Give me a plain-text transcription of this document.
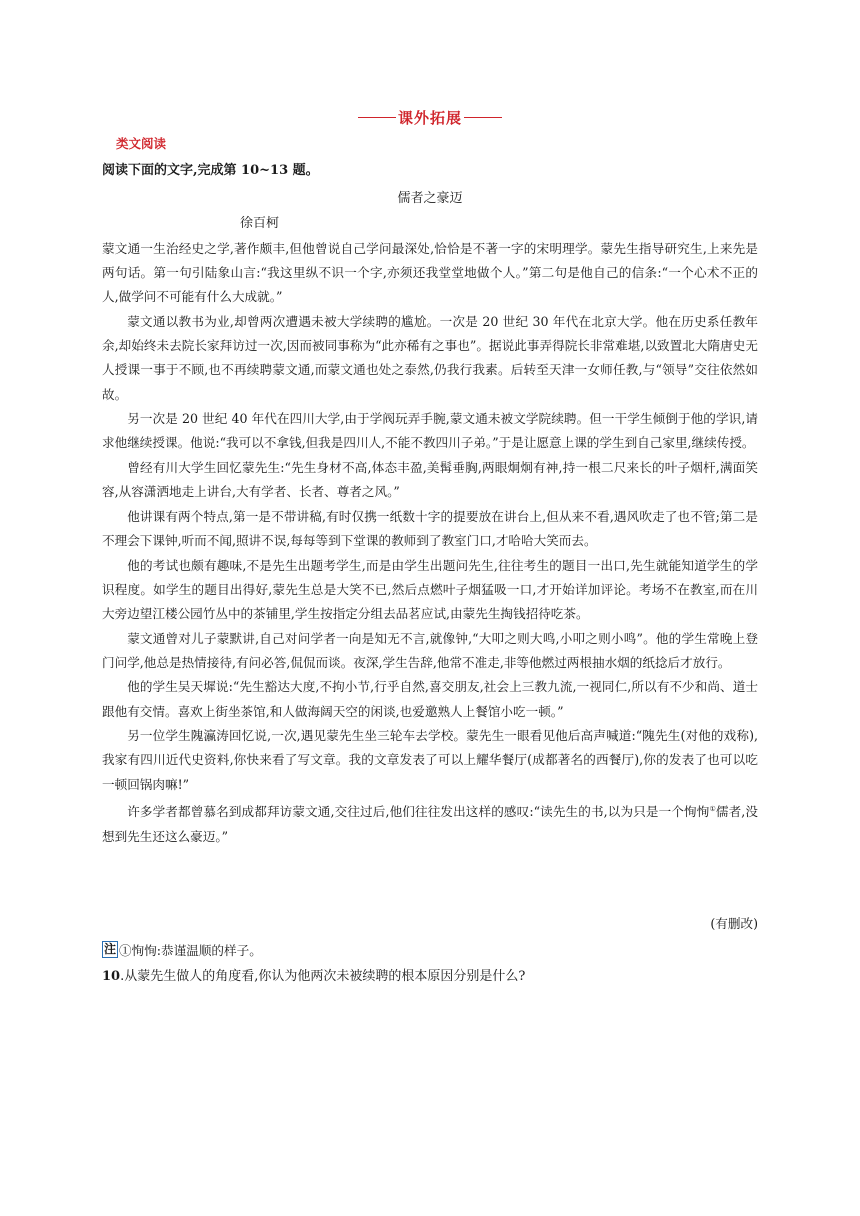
课外拓展
类文阅读
阅读下面的文字,完成第 10~13 题。
儒者之豪迈
徐百柯

蒙文通一生治经史之学,著作颇丰,但他曾说自己学问最深处,恰恰是不著一字的宋明理学。蒙先生指导研究生,上来先是两句话。第一句引陆象山言:“我这里纵不识一个字,亦须还我堂堂地做个人。”第二句是他自己的信条:“一个心术不正的人,做学问不可能有什么大成就。”

蒙文通以教书为业,却曾两次遭遇未被大学续聘的尴尬。一次是 20 世纪 30 年代在北京大学。他在历史系任教年余,却始终未去院长家拜访过一次,因而被同事称为“此亦稀有之事也”。据说此事弄得院长非常难堪,以致置北大隋唐史无人授课一事于不顾,也不再续聘蒙文通,而蒙文通也处之泰然,仍我行我素。后转至天津一女师任教,与“领导”交往依然如故。

另一次是 20 世纪 40 年代在四川大学,由于学阀玩弄手腕,蒙文通未被文学院续聘。但一干学生倾倒于他的学识,请求他继续授课。他说:“我可以不拿钱,但我是四川人,不能不教四川子弟。”于是让愿意上课的学生到自己家里,继续传授。

曾经有川大学生回忆蒙先生:“先生身材不高,体态丰盈,美髯垂胸,两眼炯炯有神,持一根二尺来长的叶子烟杆,满面笑容,从容潇洒地走上讲台,大有学者、长者、尊者之风。”

他讲课有两个特点,第一是不带讲稿,有时仅携一纸数十字的提要放在讲台上,但从来不看,遇风吹走了也不管;第二是不理会下课钟,听而不闻,照讲不误,每每等到下堂课的教师到了教室门口,才哈哈大笑而去。

他的考试也颇有趣味,不是先生出题考学生,而是由学生出题问先生,往往考生的题目一出口,先生就能知道学生的学识程度。如学生的题目出得好,蒙先生总是大笑不已,然后点燃叶子烟猛吸一口,才开始详加评论。考场不在教室,而在川大旁边望江楼公园竹丛中的茶铺里,学生按指定分组去品茗应试,由蒙先生掏钱招待吃茶。

蒙文通曾对儿子蒙默讲,自己对问学者一向是知无不言,就像钟,“大叩之则大鸣,小叩之则小鸣”。他的学生常晚上登门问学,他总是热情接待,有问必答,侃侃而谈。夜深,学生告辞,他常不准走,非等他燃过两根抽水烟的纸捻后才放行。

他的学生吴天墀说:“先生豁达大度,不拘小节,行乎自然,喜交朋友,社会上三教九流,一视同仁,所以有不少和尚、道士跟他有交情。喜欢上街坐茶馆,和人做海阔天空的闲谈,也爱邀熟人上餐馆小吃一顿。”

另一位学生隗瀛涛回忆说,一次,遇见蒙先生坐三轮车去学校。蒙先生一眼看见他后高声喊道:“隗先生(对他的戏称),我家有四川近代史资料,你快来看了写文章。我的文章发表了可以上耀华餐厅(成都著名的西餐厅),你的发表了也可以吃一顿回锅肉嘛!”

许多学者都曾慕名到成都拜访蒙文通,交往过后,他们往往发出这样的感叹:“读先生的书,以为只是一个恂恂①儒者,没想到先生还这么豪迈。”

(有删改)
注 ①恂恂:恭谨温顺的样子。
10.从蒙先生做人的角度看,你认为他两次未被续聘的根本原因分别是什么?
